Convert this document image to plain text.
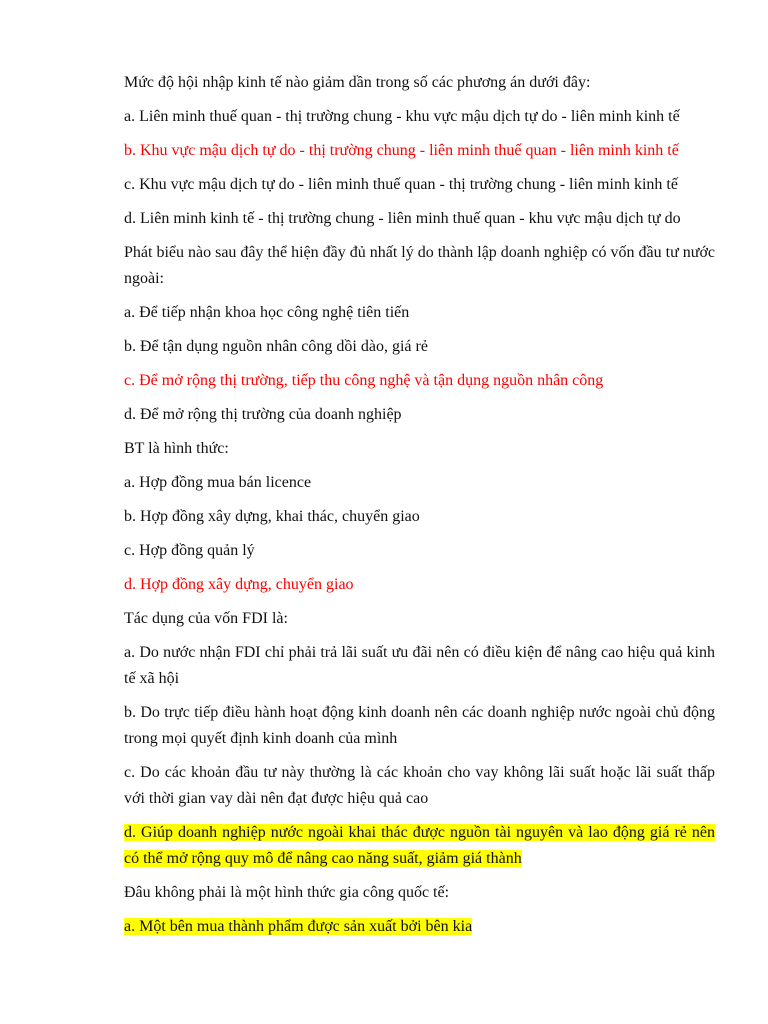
Mức độ hội nhập kinh tế nào giảm dần trong số các phương án dưới đây:

a. Liên minh thuế quan - thị trường chung - khu vực mậu dịch tự do - liên minh kinh tế

b. Khu vực mậu dịch tự do - thị trường chung - liên minh thuế quan - liên minh kinh tế

c. Khu vực mậu dịch tự do - liên minh thuế quan - thị trường chung - liên minh kinh tế

d. Liên minh kinh tế - thị trường chung - liên minh thuế quan - khu vực mậu dịch tự do

Phát biểu nào sau đây thể hiện đầy đủ nhất lý do thành lập doanh nghiệp có vốn đầu tư nước ngoài:

a. Để tiếp nhận khoa học công nghệ tiên tiến

b. Để tận dụng nguồn nhân công dồi dào, giá rẻ

c. Để mở rộng thị trường, tiếp thu công nghệ và tận dụng nguồn nhân công

d. Để mở rộng thị trường của doanh nghiệp

BT là hình thức:

a. Hợp đồng mua bán licence

b. Hợp đồng xây dựng, khai thác, chuyển giao

c. Hợp đồng quản lý

d. Hợp đồng xây dựng, chuyển giao

Tác dụng của vốn FDI là:

a. Do nước nhận FDI chỉ phải trả lãi suất ưu đãi nên có điều kiện để nâng cao hiệu quả kinh tế xã hội

b. Do trực tiếp điều hành hoạt động kinh doanh nên các doanh nghiệp nước ngoài chủ động trong mọi quyết định kinh doanh của mình

c. Do các khoản đầu tư này thường là các khoản cho vay không lãi suất hoặc lãi suất thấp với thời gian vay dài nên đạt được hiệu quả cao

d. Giúp doanh nghiệp nước ngoài khai thác được nguồn tài nguyên và lao động giá rẻ nên có thể mở rộng quy mô để nâng cao năng suất, giảm giá thành

Đâu không phải là một hình thức gia công quốc tế:

a. Một bên mua thành phẩm được sản xuất bởi bên kia
